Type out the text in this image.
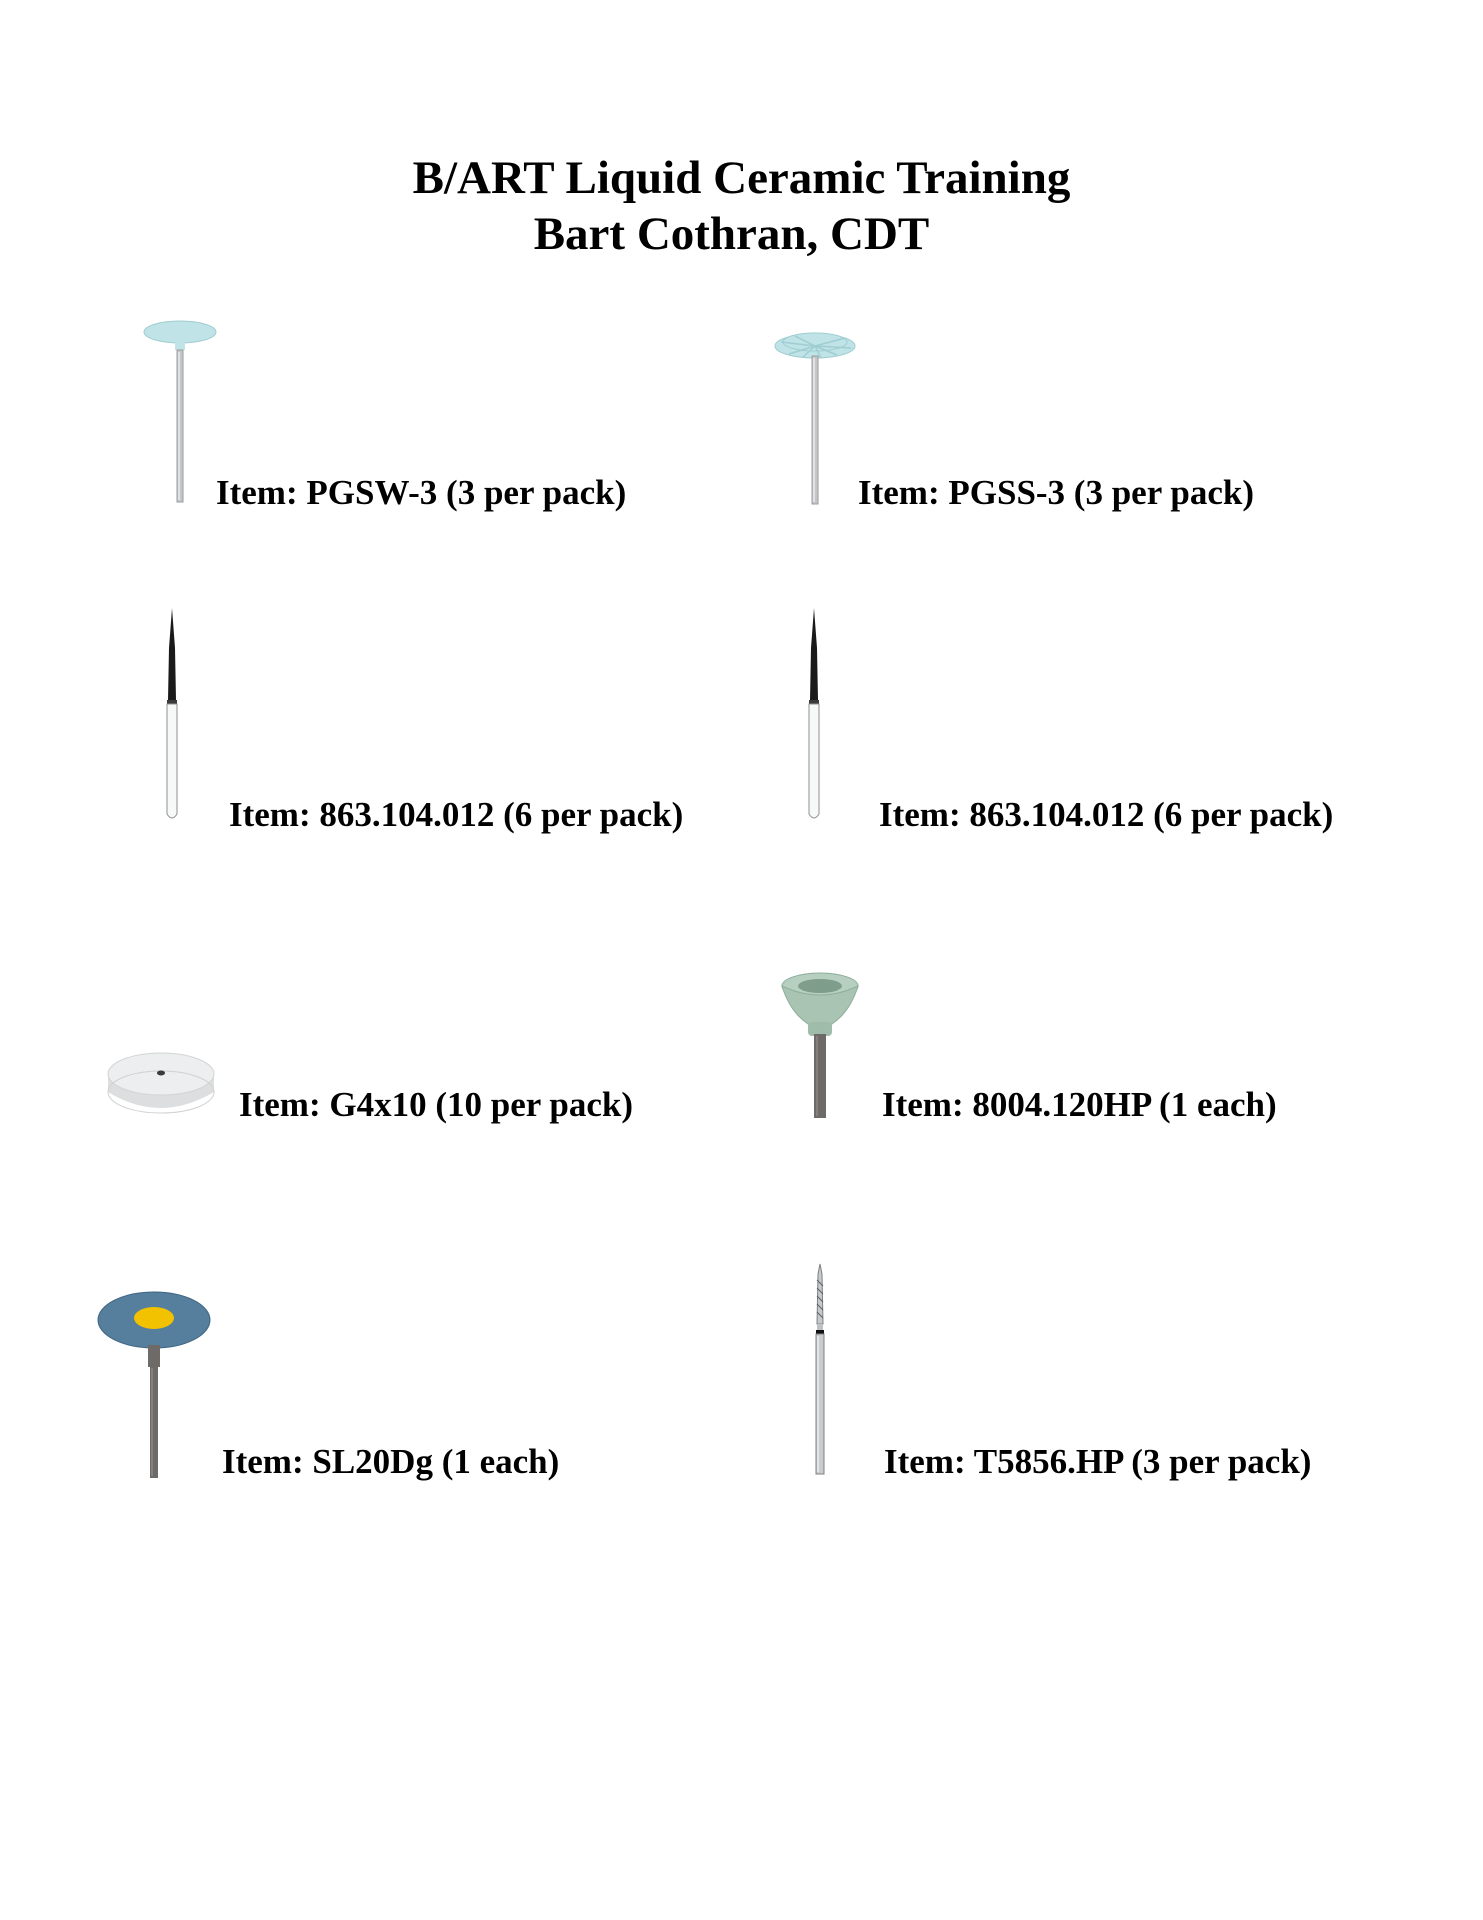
B/ART Liquid Ceramic Training
Bart Cothran, CDT
Item: PGSW-3 (3 per pack)	Item: PGSS-3 (3 per pack)
Item: 863.104.012 (6 per pack)	Item: 863.104.012 (6 per pack)
Item: G4x10 (10 per pack)	Item: 8004.120HP (1 each)
Item: SL20Dg (1 each)	Item: T5856.HP (3 per pack)
